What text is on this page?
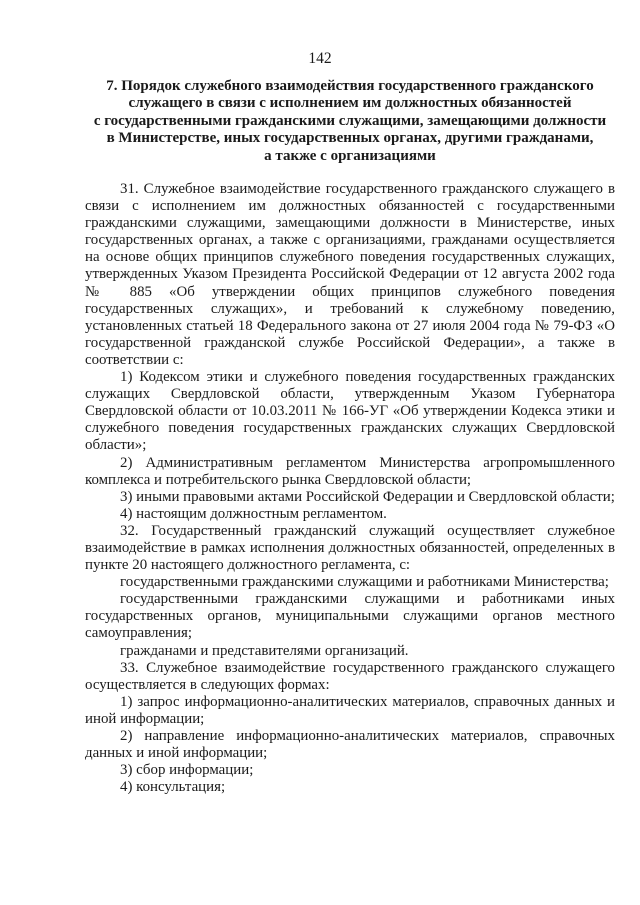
142
7. Порядок служебного взаимодействия государственного гражданского
служащего в связи с исполнением им должностных обязанностей
с государственными гражданскими служащими, замещающими должности
в Министерстве, иных государственных органах, другими гражданами,
а также с организациями

31. Служебное взаимодействие государственного гражданского служащего в связи с исполнением им должностных обязанностей с государственными гражданскими служащими, замещающими должности в Министерстве, иных государственных органах, а также с организациями, гражданами осуществляется на основе общих принципов служебного поведения государственных служащих, утвержденных Указом Президента Российской Федерации от 12 августа 2002 года № 885 «Об утверждении общих принципов служебного поведения государственных служащих», и требований к служебному поведению, установленных статьей 18 Федерального закона от 27 июля 2004 года № 79-ФЗ «О государственной гражданской службе Российской Федерации», а также в соответствии с:

1) Кодексом этики и служебного поведения государственных гражданских служащих Свердловской области, утвержденным Указом Губернатора Свердловской области от 10.03.2011 № 166-УГ «Об утверждении Кодекса этики и служебного поведения государственных гражданских служащих Свердловской области»;

2) Административным регламентом Министерства агропромышленного комплекса и потребительского рынка Свердловской области;

3) иными правовыми актами Российской Федерации и Свердловской области;

4) настоящим должностным регламентом.

32. Государственный гражданский служащий осуществляет служебное взаимодействие в рамках исполнения должностных обязанностей, определенных в пункте 20 настоящего должностного регламента, с:

государственными гражданскими служащими и работниками Министерства;

государственными гражданскими служащими и работниками иных государственных органов, муниципальными служащими органов местного самоуправления;

гражданами и представителями организаций.

33. Служебное взаимодействие государственного гражданского служащего осуществляется в следующих формах:

1) запрос информационно-аналитических материалов, справочных данных и иной информации;

2) направление информационно-аналитических материалов, справочных данных и иной информации;

3) сбор информации;

4) консультация;
